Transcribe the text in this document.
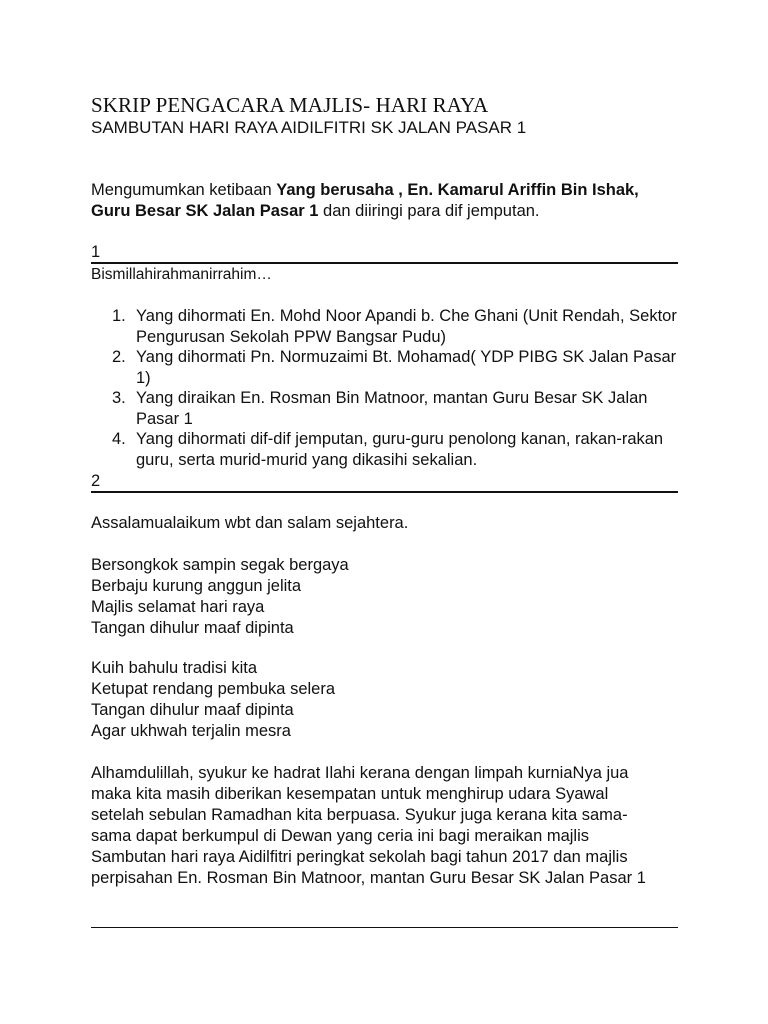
SKRIP PENGACARA MAJLIS- HARI RAYA
SAMBUTAN HARI RAYA AIDILFITRI SK JALAN PASAR 1
Mengumumkan ketibaan Yang berusaha , En. Kamarul Ariffin Bin Ishak,
Guru Besar SK Jalan Pasar 1 dan diiringi para dif jemputan.
1
Bismillahirahmanirrahim…
1. Yang dihormati En. Mohd Noor Apandi b. Che Ghani (Unit Rendah, Sektor Pengurusan Sekolah PPW Bangsar Pudu)
2. Yang dihormati Pn. Normuzaimi Bt. Mohamad( YDP PIBG SK Jalan Pasar 1)
3. Yang diraikan En. Rosman Bin Matnoor, mantan Guru Besar SK Jalan Pasar 1
4. Yang dihormati dif-dif jemputan, guru-guru penolong kanan, rakan-rakan guru, serta murid-murid yang dikasihi sekalian.
2
Assalamualaikum wbt dan salam sejahtera.
Bersongkok sampin segak bergaya
Berbaju kurung anggun jelita
Majlis selamat hari raya
Tangan dihulur maaf dipinta
Kuih bahulu tradisi kita
Ketupat rendang pembuka selera
Tangan dihulur maaf dipinta
Agar ukhwah terjalin mesra
Alhamdulillah, syukur ke hadrat Ilahi kerana dengan limpah kurniaNya jua
maka kita masih diberikan kesempatan untuk menghirup udara Syawal
setelah sebulan Ramadhan kita berpuasa. Syukur juga kerana kita sama-
sama dapat berkumpul di Dewan yang ceria ini bagi meraikan majlis
Sambutan hari raya Aidilfitri peringkat sekolah bagi tahun 2017 dan majlis
perpisahan En. Rosman Bin Matnoor, mantan Guru Besar SK Jalan Pasar 1
